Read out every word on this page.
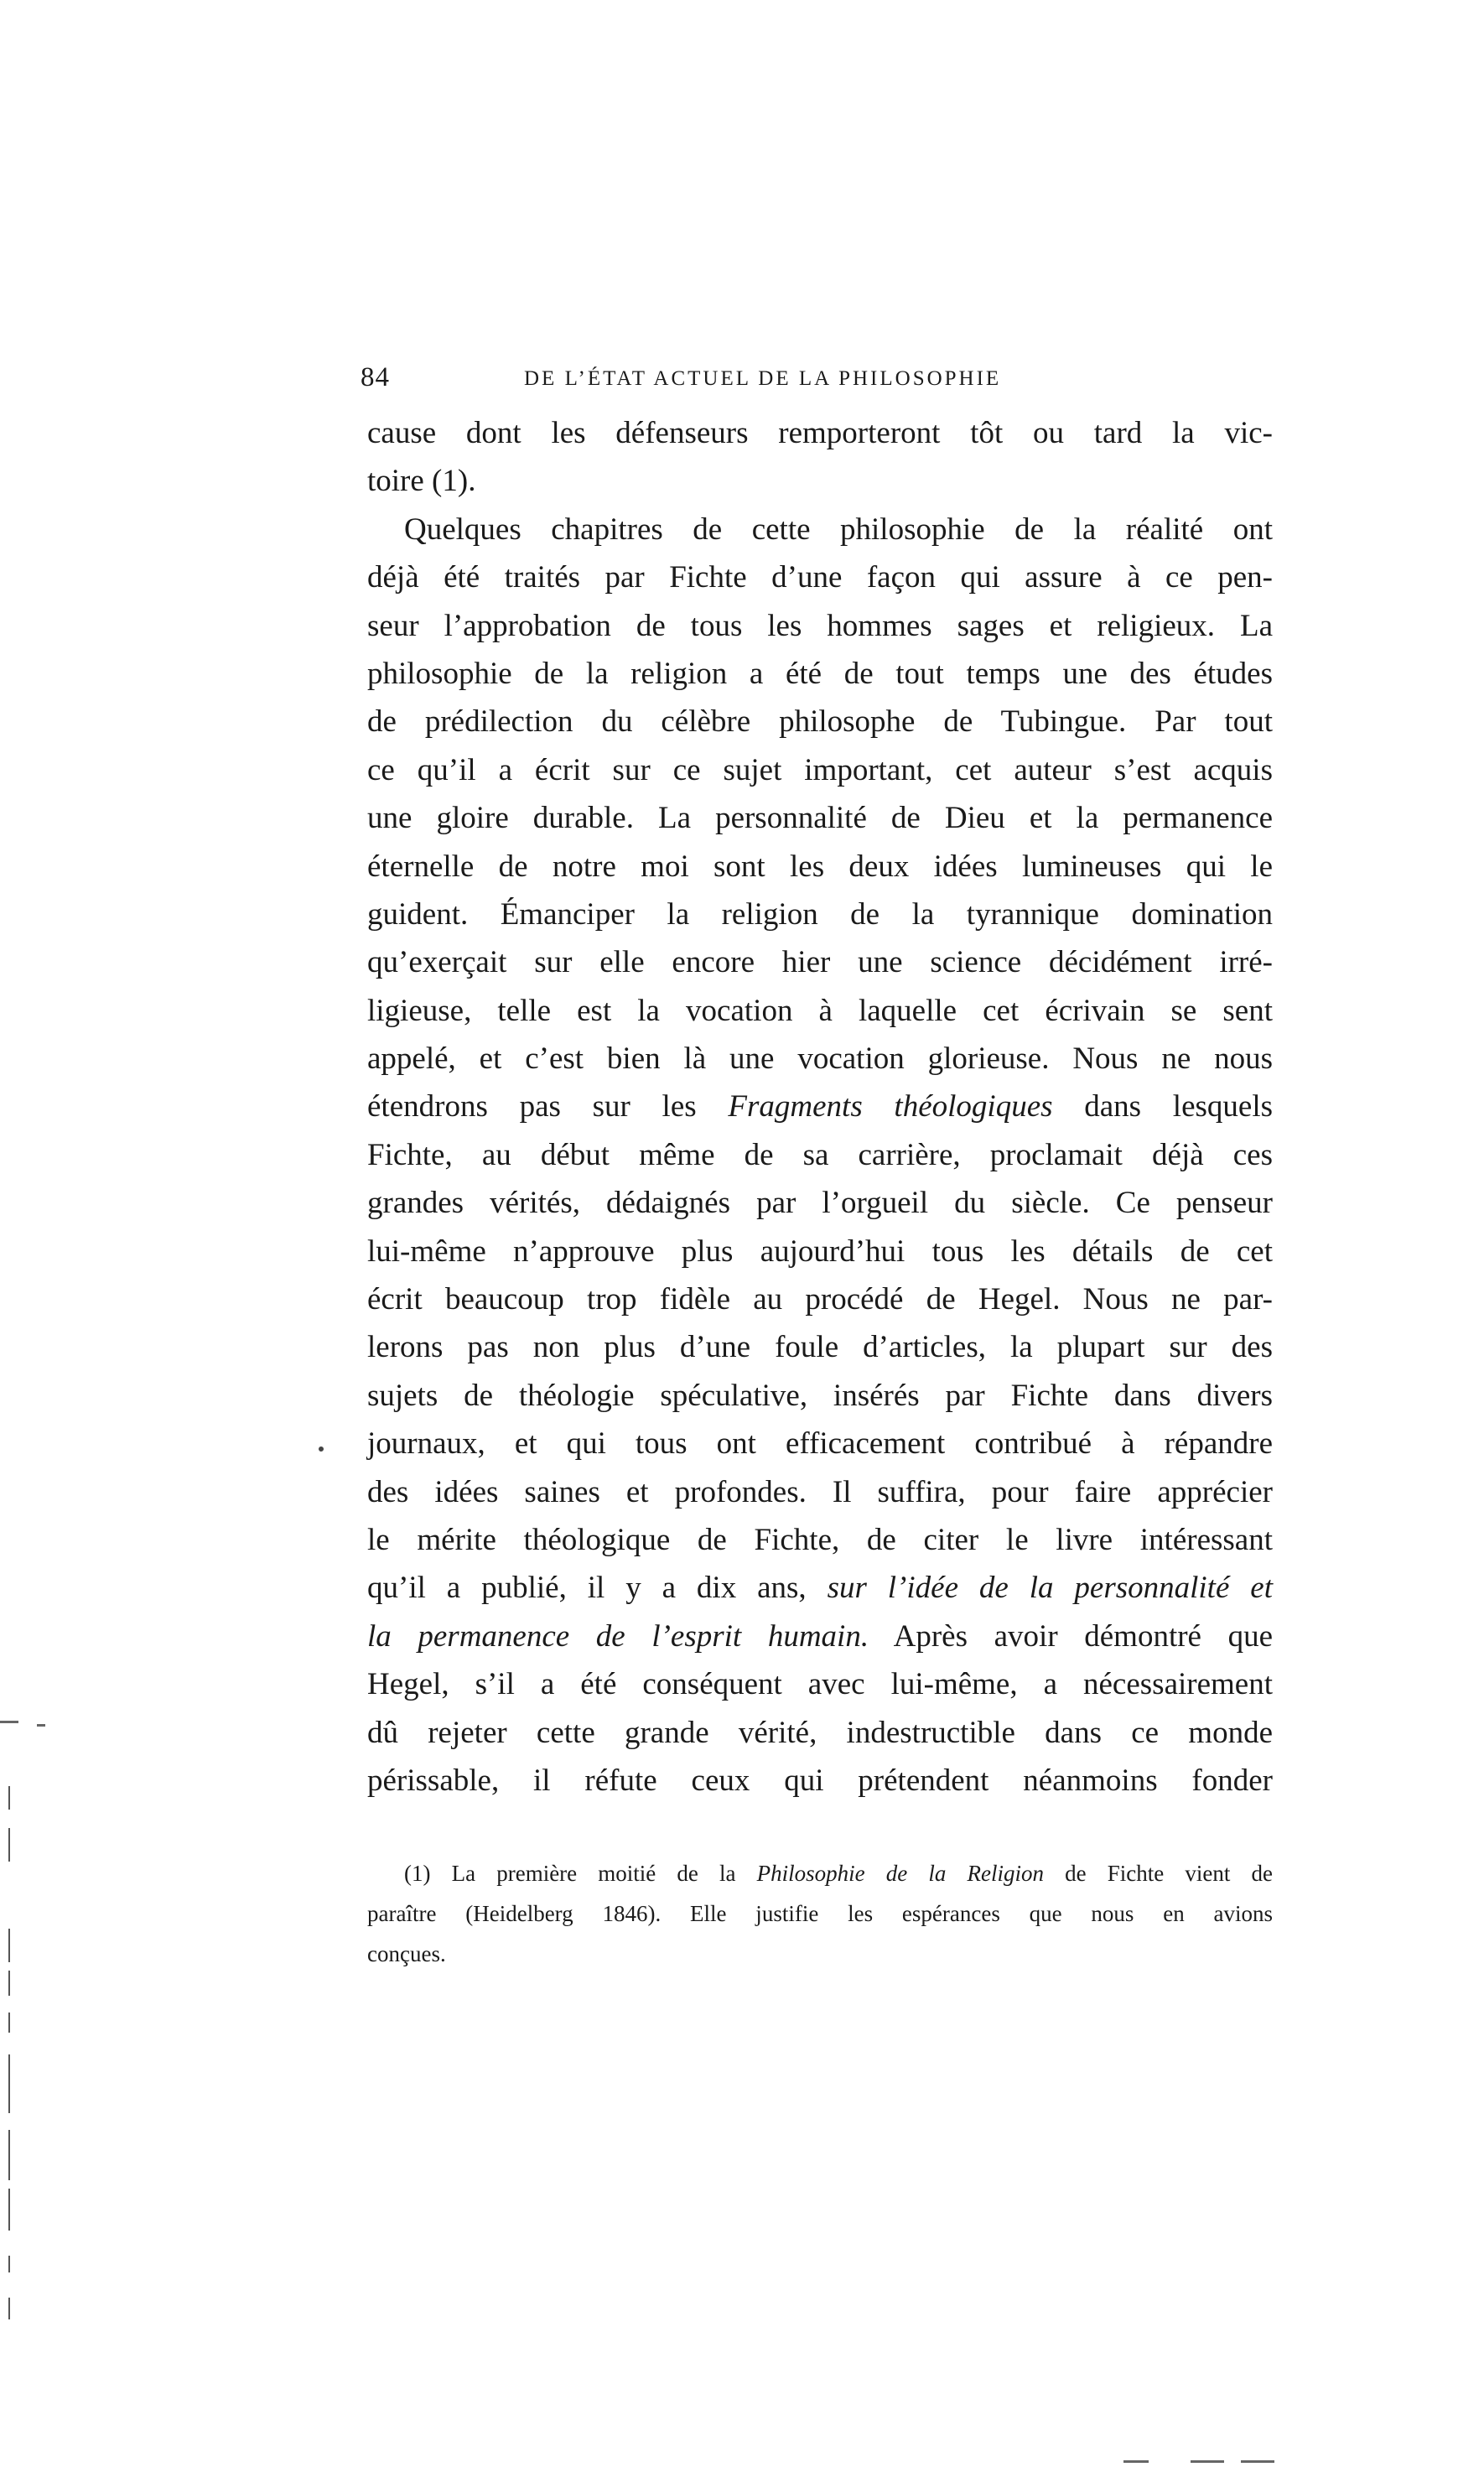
84	DE L’ÉTAT ACTUEL DE LA PHILOSOPHIE
cause dont les défenseurs remporteront tôt ou tard la vic-
toire (1).
Quelques chapitres de cette philosophie de la réalité ont
déjà été traités par Fichte d’une façon qui assure à ce pen-
seur l’approbation de tous les hommes sages et religieux. La
philosophie de la religion a été de tout temps une des études
de prédilection du célèbre philosophe de Tubingue. Par tout
ce qu’il a écrit sur ce sujet important, cet auteur s’est acquis
une gloire durable. La personnalité de Dieu et la permanence
éternelle de notre moi sont les deux idées lumineuses qui le
guident. Émanciper la religion de la tyrannique domination
qu’exerçait sur elle encore hier une science décidément irré-
ligieuse, telle est la vocation à laquelle cet écrivain se sent
appelé, et c’est bien là une vocation glorieuse. Nous ne nous
étendrons pas sur les Fragments théologiques dans lesquels
Fichte, au début même de sa carrière, proclamait déjà ces
grandes vérités, dédaignés par l’orgueil du siècle. Ce penseur
lui-même n’approuve plus aujourd’hui tous les détails de cet
écrit beaucoup trop fidèle au procédé de Hegel. Nous ne par-
lerons pas non plus d’une foule d’articles, la plupart sur des
sujets de théologie spéculative, insérés par Fichte dans divers
journaux, et qui tous ont efficacement contribué à répandre
des idées saines et profondes. Il suffira, pour faire apprécier
le mérite théologique de Fichte, de citer le livre intéressant
qu’il a publié, il y a dix ans, sur l’idée de la personnalité et
la permanence de l’esprit humain. Après avoir démontré que
Hegel, s’il a été conséquent avec lui-même, a nécessairement
dû rejeter cette grande vérité, indestructible dans ce monde
périssable, il réfute ceux qui prétendent néanmoins fonder
(1) La première moitié de la Philosophie de la Religion de Fichte vient de
paraître (Heidelberg 1846). Elle justifie les espérances que nous en avions
conçues.
